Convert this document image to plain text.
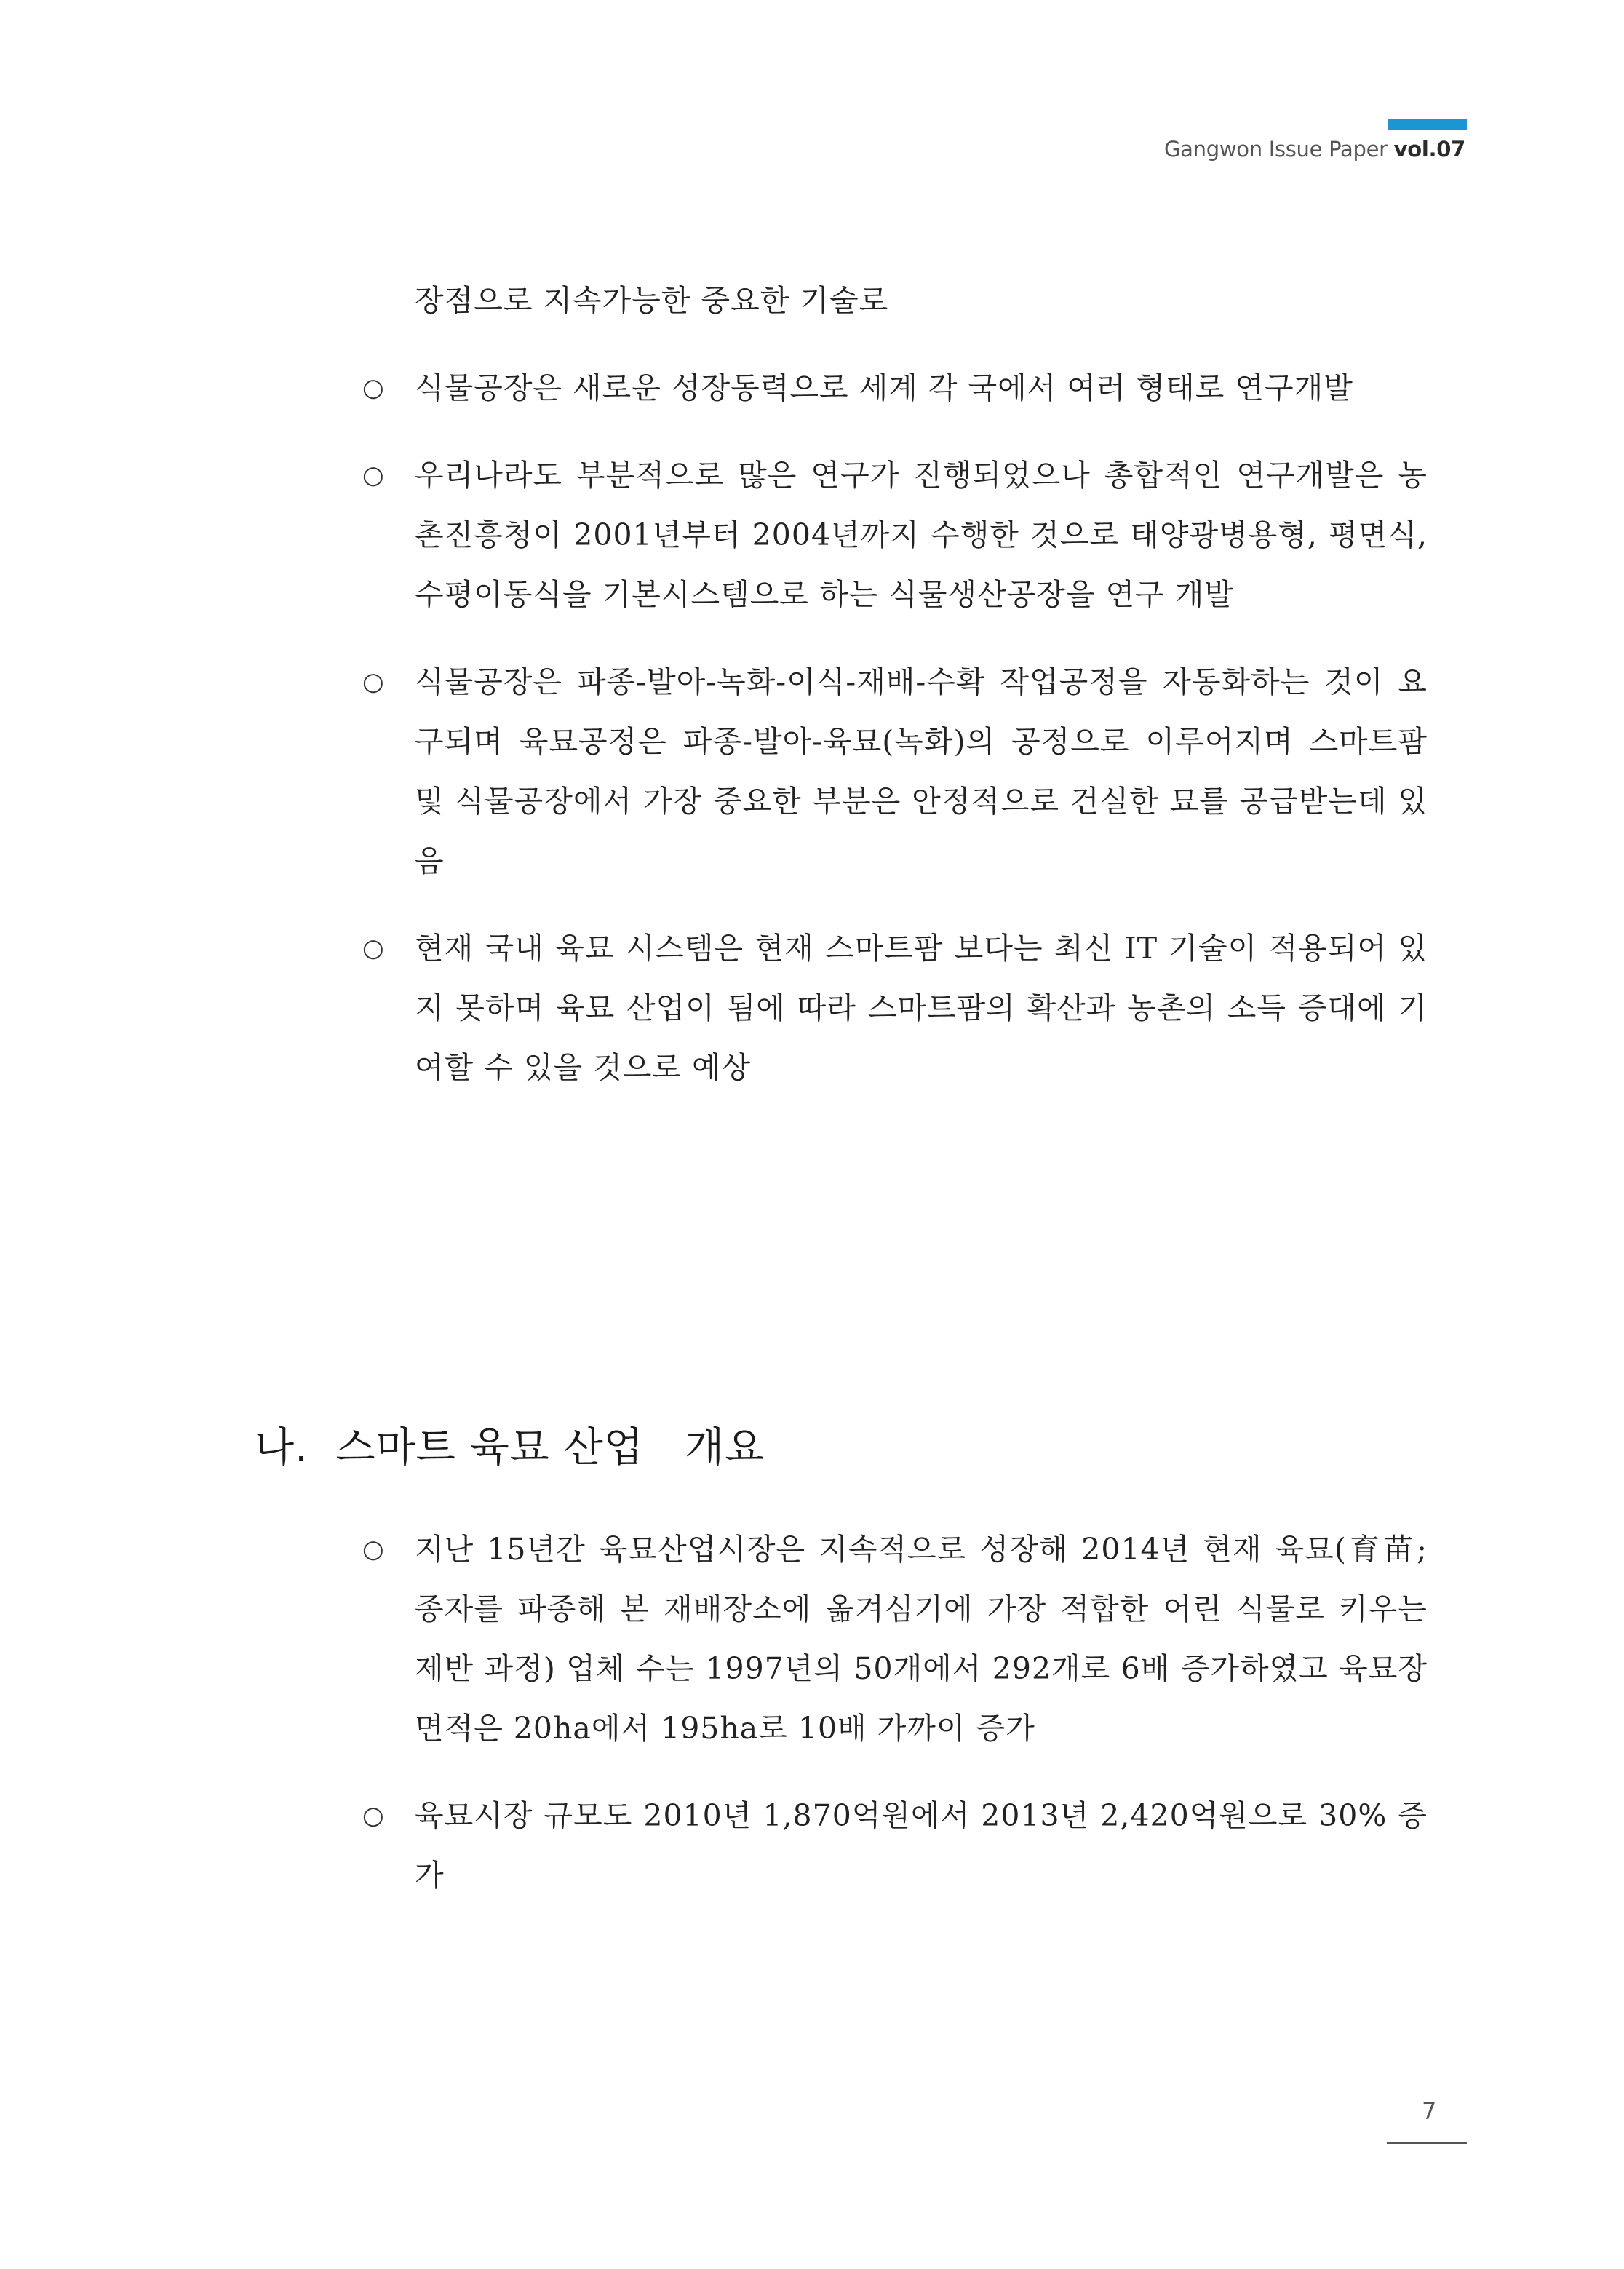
Gangwon Issue Paper vol.07
장점으로 지속가능한 중요한 기술로
○ 식물공장은 새로운 성장동력으로 세계 각 국에서 여러 형태로 연구개발
○ 우리나라도 부분적으로 많은 연구가 진행되었으나 총합적인 연구개발은 농촌진흥청이 2001년부터 2004년까지 수행한 것으로 태양광병용형, 평면식, 수평이동식을 기본시스템으로 하는 식물생산공장을 연구 개발
○ 식물공장은 파종-발아-녹화-이식-재배-수확 작업공정을 자동화하는 것이 요구되며 육묘공정은 파종-발아-육묘(녹화)의 공정으로 이루어지며 스마트팜 및 식물공장에서 가장 중요한 부분은 안정적으로 건실한 묘를 공급받는데 있음
○ 현재 국내 육묘 시스템은 현재 스마트팜 보다는 최신 IT 기술이 적용되어 있지 못하며 육묘 산업이 됨에 따라 스마트팜의 확산과 농촌의 소득 증대에 기여할 수 있을 것으로 예상
나.  스마트 육묘 산업   개요
○ 지난 15년간 육묘산업시장은 지속적으로 성장해 2014년 현재 육묘(育苗; 종자를 파종해 본 재배장소에 옮겨심기에 가장 적합한 어린 식물로 키우는 제반 과정) 업체 수는 1997년의 50개에서 292개로 6배 증가하였고 육묘장 면적은 20ha에서 195ha로 10배 가까이 증가
○ 육묘시장 규모도 2010년 1,870억원에서 2013년 2,420억원으로 30% 증가
7
